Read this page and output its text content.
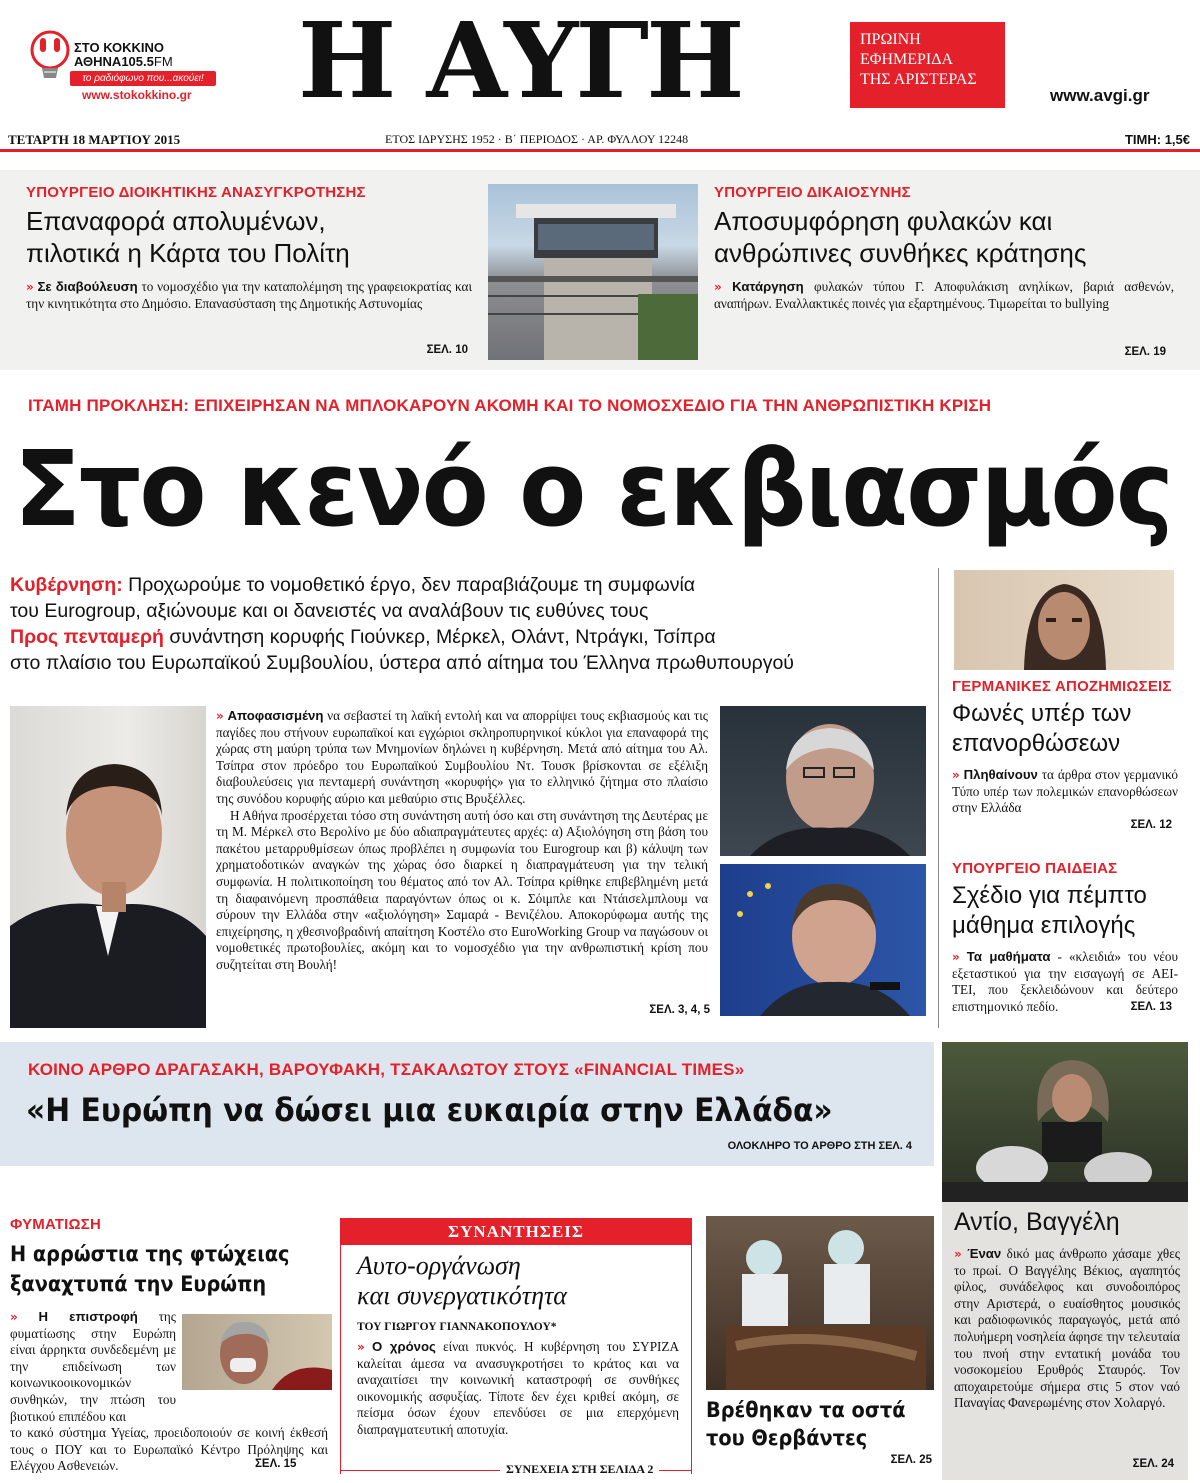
ΣΤΟ ΚΟΚΚΙΝΟ
ΑΘΗΝΑ105.5FM
το ραδιόφωνο που...ακούει!
www.stokokkino.gr Η ΑΥΓΗ	ΠΡΩΙΝΗ
ΕΦΗΜΕΡΙΔΑ
ΤΗΣ ΑΡΙΣΤΕΡΑΣ
www.avgi.gr
ΤΕΤΑΡΤΗ 18 ΜΑΡΤΙΟΥ 2015	ΕΤΟΣ ΙΔΡΥΣΗΣ 1952 · Β΄ ΠΕΡΙΟΔΟΣ · ΑΡ. ΦΥΛΛΟΥ 12248	ΤΙΜΗ: 1,5€
ΥΠΟΥΡΓΕΙΟ ΔΙΟΙΚΗΤΙΚΗΣ ΑΝΑΣΥΓΚΡΟΤΗΣΗΣ
Επαναφορά απολυμένων,
πιλοτικά η Κάρτα του Πολίτη
» Σε διαβούλευση το νομοσχέδιο για την καταπολέμηση της γραφειοκρατίας και την κινητικότητα στο Δημόσιο. Επανασύσταση της Δημοτικής Αστυνομίας
ΣΕΛ. 10
ΥΠΟΥΡΓΕΙΟ ΔΙΚΑΙΟΣΥΝΗΣ
Αποσυμφόρηση φυλακών και
ανθρώπινες συνθήκες κράτησης
» Κατάργηση φυλακών τύπου Γ. Αποφυλάκιση ανηλίκων, βαριά ασθενών, αναπήρων. Εναλλακτικές ποινές για εξαρτημένους. Τιμωρείται το bullying
ΣΕΛ. 19
ΙΤΑΜΗ ΠΡΟΚΛΗΣΗ: ΕΠΙΧΕΙΡΗΣΑΝ ΝΑ ΜΠΛΟΚΑΡΟΥΝ ΑΚΟΜΗ ΚΑΙ ΤΟ ΝΟΜΟΣΧΕΔΙΟ ΓΙΑ ΤΗΝ ΑΝΘΡΩΠΙΣΤΙΚΗ ΚΡΙΣΗ
Στο κενό ο εκβιασμός
Κυβέρνηση: Προχωρούμε το νομοθετικό έργο, δεν παραβιάζουμε τη συμφωνία
του Eurogroup, αξιώνουμε και οι δανειστές να αναλάβουν τις ευθύνες τους
Προς πενταμερή συνάντηση κορυφής Γιούνκερ, Μέρκελ, Ολάντ, Ντράγκι, Τσίπρα
στο πλαίσιο του Ευρωπαϊκού Συμβουλίου, ύστερα από αίτημα του Έλληνα πρωθυπουργού

» Αποφασισμένη να σεβαστεί τη λαϊκή εντολή και να απορρίψει τους εκβιασμούς και τις παγίδες που στήνουν ευρωπαϊκοί και εγχώριοι σκληροπυρηνικοί κύκλοι για επαναφορά της χώρας στη μαύρη τρύπα των Μνημονίων δηλώνει η κυβέρνηση. Μετά από αίτημα του Αλ. Τσίπρα στον πρόεδρο του Ευρωπαϊκού Συμβουλίου Ντ. Τουσκ βρίσκονται σε εξέλιξη διαβουλεύσεις για πενταμερή συνάντηση «κορυφής» για το ελληνικό ζήτημα στο πλαίσιο της συνόδου κορυφής αύριο και μεθαύριο στις Βρυξέλλες.

Η Αθήνα προσέρχεται τόσο στη συνάντηση αυτή όσο και στη συνάντηση της Δευτέρας με τη Μ. Μέρκελ στο Βερολίνο με δύο αδιαπραγμάτευτες αρχές: α) Αξιολόγηση στη βάση του πακέτου μεταρρυθμίσεων όπως προβλέπει η συμφωνία του Eurogroup και β) κάλυψη των χρηματοδοτικών αναγκών της χώρας όσο διαρκεί η διαπραγμάτευση για την τελική συμφωνία. Η πολιτικοποίηση του θέματος από τον Αλ. Τσίπρα κρίθηκε επιβεβλημένη μετά τη διαφαινόμενη προσπάθεια παραγόντων όπως οι κ. Σόιμπλε και Ντάισελμπλουμ να σύρουν την Ελλάδα στην «αξιολόγηση» Σαμαρά - Βενιζέλου. Αποκορύφωμα αυτής της επιχείρησης, η χθεσινοβραδινή απαίτηση Κοστέλο στο EuroWorking Group να παγώσουν οι νομοθετικές πρωτοβουλίες, ακόμη και το νομοσχέδιο για την ανθρωπιστική κρίση που συζητείται στη Βουλή!

ΣΕΛ. 3, 4, 5
ΓΕΡΜΑΝΙΚΕΣ ΑΠΟΖΗΜΙΩΣΕΙΣ
Φωνές υπέρ των
επανορθώσεων
» Πληθαίνουν τα άρθρα στον γερμανικό Τύπο υπέρ των πολεμικών επανορθώσεων στην Ελλάδα
ΣΕΛ. 12
ΥΠΟΥΡΓΕΙΟ ΠΑΙΔΕΙΑΣ
Σχέδιο για πέμπτο
μάθημα επιλογής
» Τα μαθήματα - «κλειδιά» του νέου εξεταστικού για την εισαγωγή σε ΑΕΙ-ΤΕΙ, που ξεκλειδώνουν και δεύτερο επιστημονικό πεδίο.	ΣΕΛ. 13
ΚΟΙΝΟ ΑΡΘΡΟ ΔΡΑΓΑΣΑΚΗ, ΒΑΡΟΥΦΑΚΗ, ΤΣΑΚΑΛΩΤΟΥ ΣΤΟΥΣ «FINANCIAL TIMES»
«Η Ευρώπη να δώσει μια ευκαιρία στην Ελλάδα»
ΟΛΟΚΛΗΡΟ ΤΟ ΑΡΘΡΟ ΣΤΗ ΣΕΛ. 4
ΦΥΜΑΤΙΩΣΗ
Η αρρώστια της φτώχειας
ξαναχτυπά την Ευρώπη
» Η επιστροφή της φυματίωσης στην Ευρώπη είναι άρρηκτα συνδεδεμένη με την επιδείνωση των κοινωνικοοικονομικών συνθηκών, την πτώση του βιοτικού επιπέδου και
το κακό σύστημα Υγείας, προειδοποιούν σε κοινή έκθεσή τους ο ΠΟΥ και το Ευρωπαϊκό Κέντρο Πρόληψης και Ελέγχου Ασθενειών.	ΣΕΛ. 15
ΣΥΝΑΝΤΗΣΕΙΣ
Αυτο-οργάνωση
και συνεργατικότητα
ΤΟΥ ΓΙΩΡΓΟΥ ΓΙΑΝΝΑΚΟΠΟΥΛΟΥ*
» Ο χρόνος είναι πυκνός. Η κυβέρνηση του ΣΥΡΙΖΑ καλείται άμεσα να ανασυγκροτήσει το κράτος και να αναχαιτίσει την κοινωνική καταστροφή σε συνθήκες οικονομικής ασφυξίας. Τίποτε δεν έχει κριθεί ακόμη, σε πείσμα όσων έχουν επενδύσει σε μια επερχόμενη διαπραγματευτική αποτυχία.
ΣΥΝΕΧΕΙΑ ΣΤΗ ΣΕΛΙΔΑ 2
Βρέθηκαν τα οστά
του Θερβάντες
ΣΕΛ. 25
Αντίο, Βαγγέλη
» Έναν δικό μας άνθρωπο χάσαμε χθες το πρωί. Ο Βαγγέλης Βέκιος, αγαπητός φίλος, συνάδελφος και συνοδοιπόρος στην Αριστερά, ο ευαίσθητος μουσικός και ραδιοφωνικός παραγωγός, μετά από πολυήμερη νοσηλεία άφησε την τελευταία του πνοή στην εντατική μονάδα του νοσοκομείου Ερυθρός Σταυρός. Τον αποχαιρετούμε σήμερα στις 5 στον ναό Παναγίας Φανερωμένης στον Χολαργό.
ΣΕΛ. 24
